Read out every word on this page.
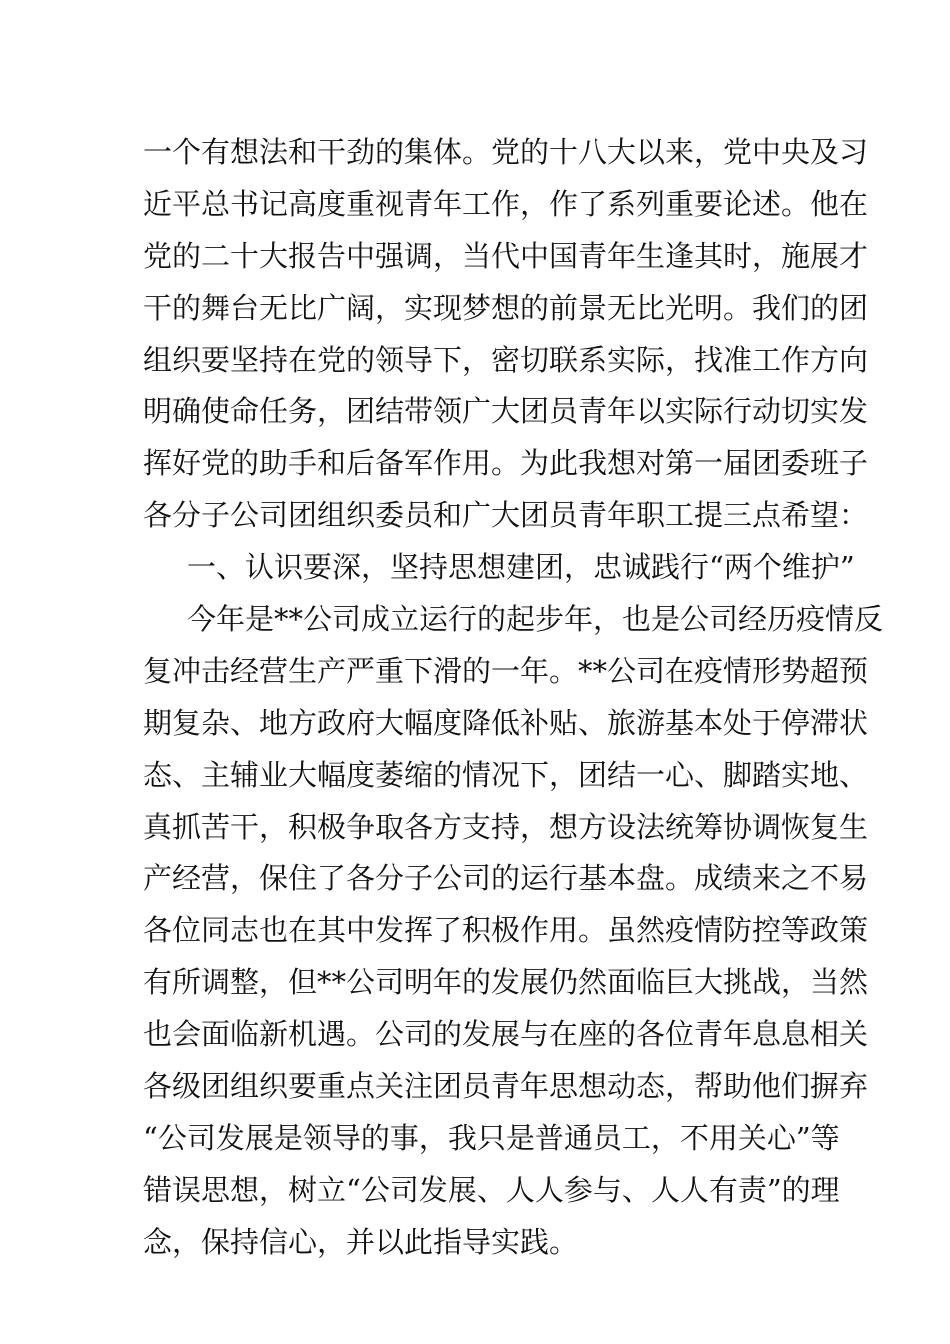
一个有想法和干劲的集体。党的十八大以来，党中央及习
近平总书记高度重视青年工作，作了系列重要论述。他在
党的二十大报告中强调，当代中国青年生逢其时，施展才
干的舞台无比广阔，实现梦想的前景无比光明。我们的团
组织要坚持在党的领导下，密切联系实际，找准工作方向
明确使命任务，团结带领广大团员青年以实际行动切实发
挥好党的助手和后备军作用。为此我想对第一届团委班子
各分子公司团组织委员和广大团员青年职工提三点希望：
一、认识要深，坚持思想建团，忠诚践行“两个维护”
今年是**公司成立运行的起步年，也是公司经历疫情反
复冲击经营生产严重下滑的一年。**公司在疫情形势超预
期复杂、地方政府大幅度降低补贴、旅游基本处于停滞状
态、主辅业大幅度萎缩的情况下，团结一心、脚踏实地、
真抓苦干，积极争取各方支持，想方设法统筹协调恢复生
产经营，保住了各分子公司的运行基本盘。成绩来之不易
各位同志也在其中发挥了积极作用。虽然疫情防控等政策
有所调整，但**公司明年的发展仍然面临巨大挑战，当然
也会面临新机遇。公司的发展与在座的各位青年息息相关
各级团组织要重点关注团员青年思想动态，帮助他们摒弃
“公司发展是领导的事，我只是普通员工，不用关心”等
错误思想，树立“公司发展、人人参与、人人有责”的理
念，保持信心，并以此指导实践。
